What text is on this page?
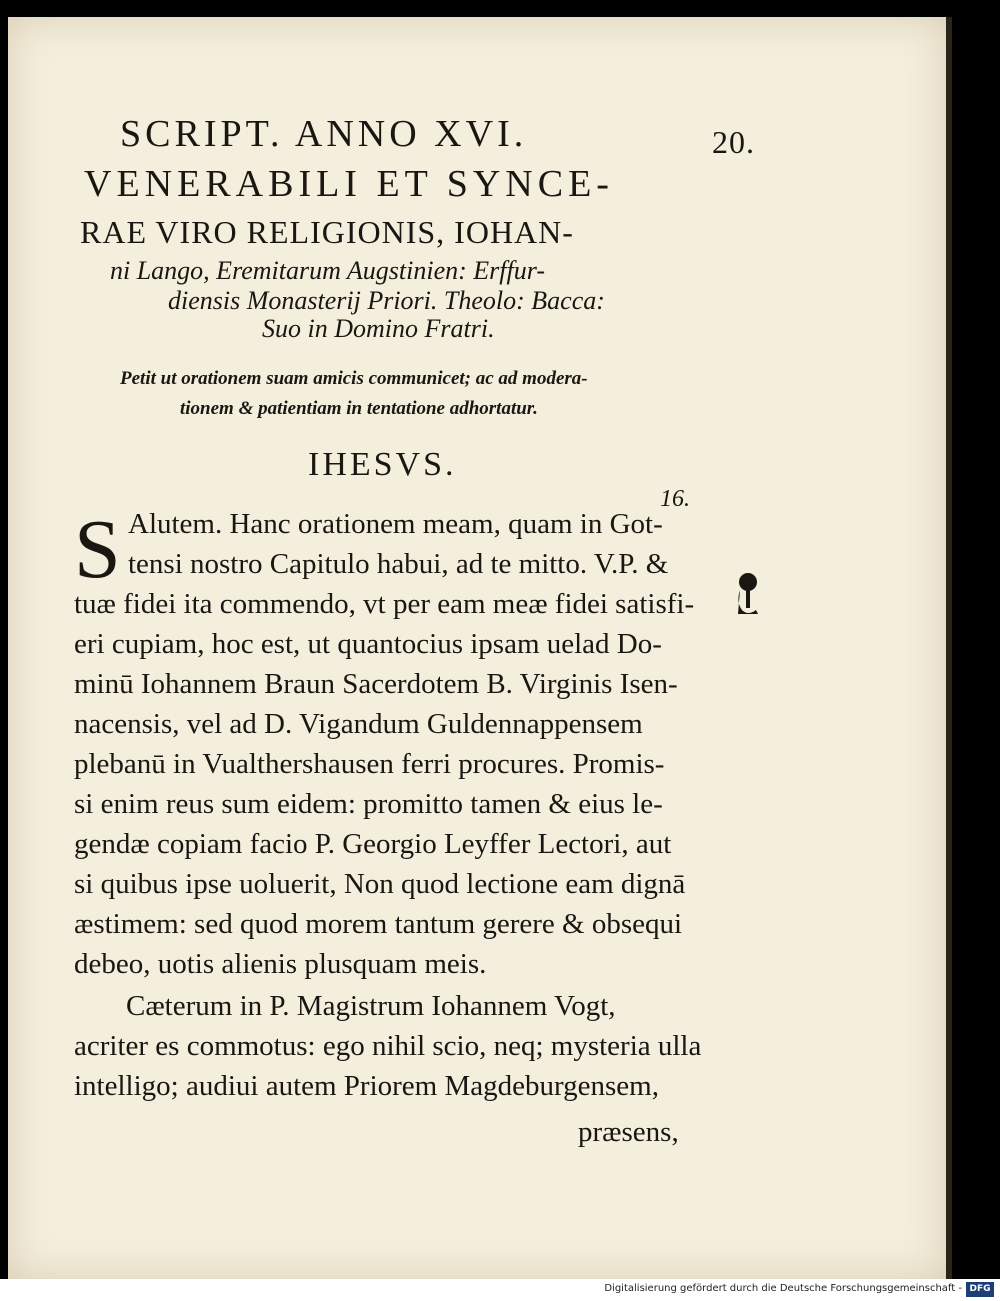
SCRIPT. ANNO XVI.	20.
VENERABILI ET SYNCE-
RAE VIRO RELIGIONIS, IOHAN-
ni Lango, Eremitarum Augstinien: Erffur-
diensis Monasterij Priori. Theolo: Bacca:
Suo in Domino Fratri.
Petit ut orationem suam amicis communicet; ac ad moderа-
tionem & patientiam in tentatione adhortatur.
IHESVS.
16.
S Alutem. Hanc orationem meam, quam in Got-
tensi nostro Capitulo habui, ad te mitto. V.P. &
tuæ fidei ita commendo, vt per eam meæ fidei satisfi-
eri cupiam, hoc est, ut quantocius ipsam uelad Do-
minū Iohannem Braun Sacerdotem B. Virginis Isen-
nacensis, vel ad D. Vigandum Guldennappensem
plebanū in Vualthershausen ferri procures. Promis-
si enim reus sum eidem: promitto tamen & eius le-
gendæ copiam facio P. Georgio Leyffer Lectori, aut
si quibus ipse uoluerit, Non quod lectione eam dignā
æstimem: sed quod morem tantum gerere & obsequi
debeo, uotis alienis plusquam meis.
Cæterum in P. Magistrum Iohannem Vogt,
acriter es commotus: ego nihil scio, neq; mysteria ulla
intelligo; audiui autem Priorem Magdeburgensem,
præsens,
Digitalisierung gefördert durch die Deutsche Forschungsgemeinschaft - DFG
